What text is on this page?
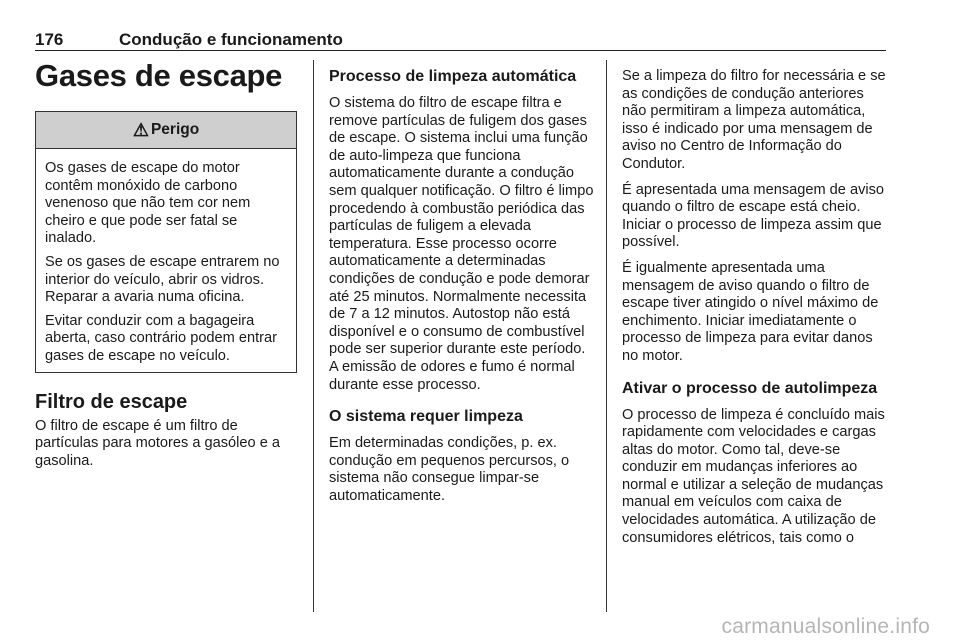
176	Condução e funcionamento
Gases de escape
⚠ Perigo

Os gases de escape do motor contêm monóxido de carbono venenoso que não tem cor nem cheiro e que pode ser fatal se inalado.

Se os gases de escape entrarem no interior do veículo, abrir os vidros. Reparar a avaria numa oficina.

Evitar conduzir com a bagageira aberta, caso contrário podem entrar gases de escape no veículo.

Filtro de escape

O filtro de escape é um filtro de partículas para motores a gasóleo e a gasolina.

Processo de limpeza automática

O sistema do filtro de escape filtra e remove partículas de fuligem dos gases de escape. O sistema inclui uma função de auto-limpeza que funciona automaticamente durante a condução sem qualquer notificação. O filtro é limpo procedendo à combustão periódica das partículas de fuligem a elevada temperatura. Esse processo ocorre automaticamente a determinadas condições de condução e pode demorar até 25 minutos. Normalmente necessita de 7 a 12 minutos. Autostop não está disponível e o consumo de combustível pode ser superior durante este período. A emissão de odores e fumo é normal durante esse processo.

O sistema requer limpeza

Em determinadas condições, p. ex. condução em pequenos percursos, o sistema não consegue limpar-se automaticamente.

Se a limpeza do filtro for necessária e se as condições de condução anteriores não permitiram a limpeza automática, isso é indicado por uma mensagem de aviso no Centro de Informação do Condutor.

É apresentada uma mensagem de aviso quando o filtro de escape está cheio. Iniciar o processo de limpeza assim que possível.

É igualmente apresentada uma mensagem de aviso quando o filtro de escape tiver atingido o nível máximo de enchimento. Iniciar imediatamente o processo de limpeza para evitar danos no motor.

Ativar o processo de autolimpeza

O processo de limpeza é concluído mais rapidamente com velocidades e cargas altas do motor. Como tal, deve-se conduzir em mudanças inferiores ao normal e utilizar a seleção de mudanças manual em veículos com caixa de velocidades automática. A utilização de consumidores elétricos, tais como o

carmanualsonline.info
